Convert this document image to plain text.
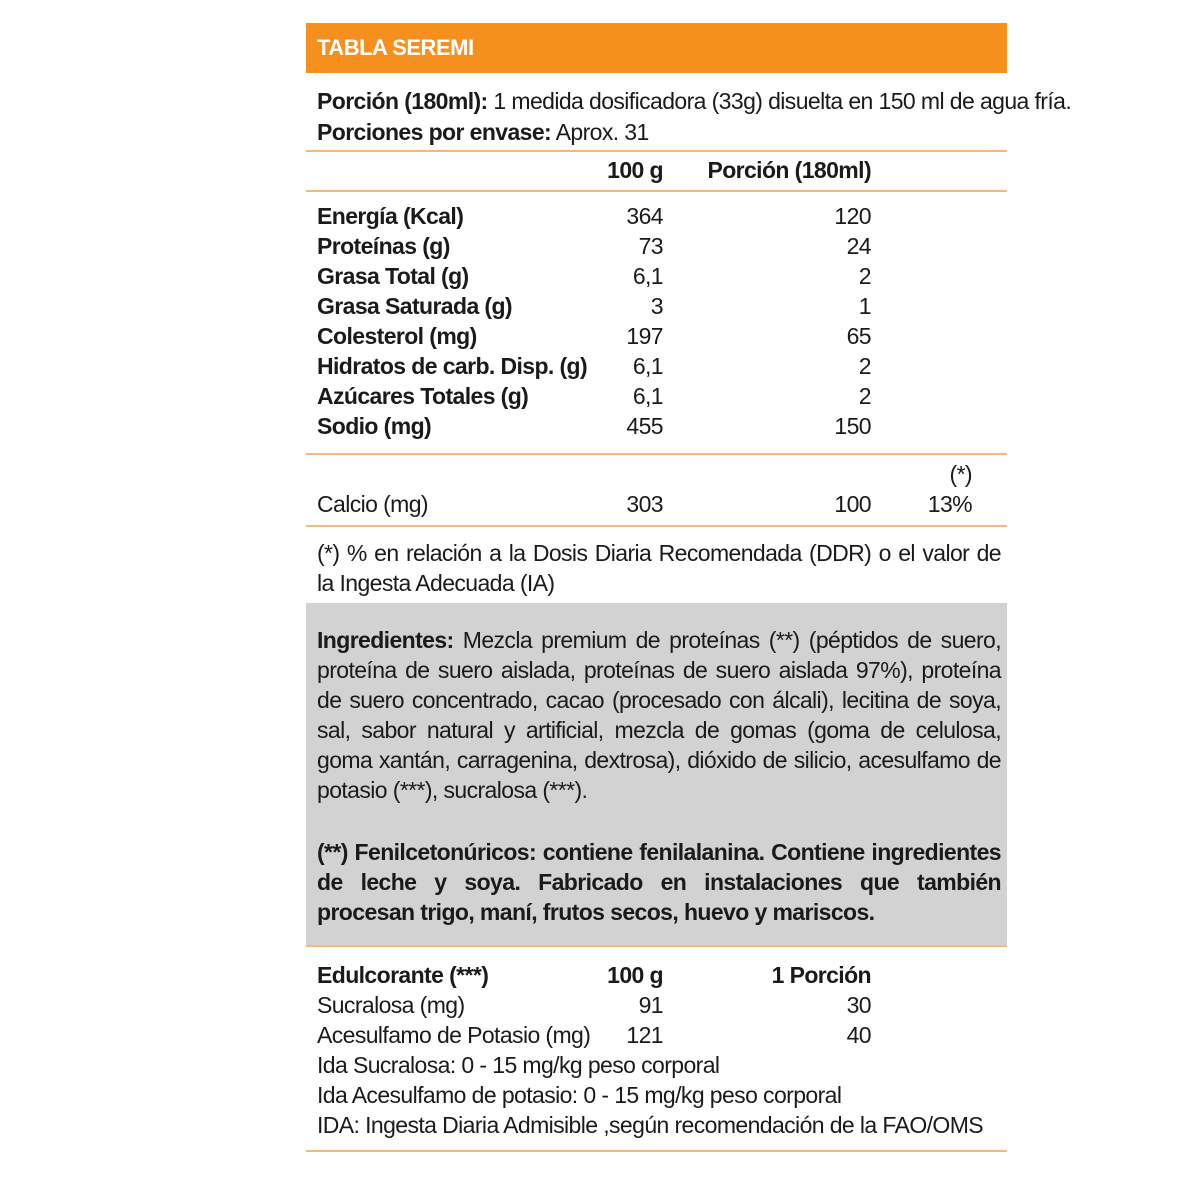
TABLA SEREMI
Porción (180ml): 1 medida dosificadora (33g) disuelta en 150 ml de agua fría.
Porciones por envase: Aprox. 31
100 g Porción (180ml)
Energía (Kcal)	364	120
Proteínas (g)	73	24
Grasa Total (g)	6,1	2
Grasa Saturada (g)	3	1
Colesterol (mg)	197	65
Hidratos de carb. Disp. (g) 6,1	2
Azúcares Totales (g)	6,1	2
Sodio (mg)	455	150
(*)
Calcio (mg)	303	100 13%
(*) % en relación a la Dosis Diaria Recomendada (DDR) o el valor de la Ingesta Adecuada (IA)
Ingredientes: Mezcla premium de proteínas (**) (péptidos de suero, proteína de suero aislada, proteínas de suero aislada 97%), proteína de suero concentrado, cacao (procesado con álcali), lecitina de soya, sal, sabor natural y artificial, mezcla de gomas (goma de celulosa, goma xantán, carragenina, dextrosa), dióxido de silicio, acesulfamo de potasio (***), sucralosa (***).
(**) Fenilcetonúricos: contiene fenilalanina. Contiene ingredientes de leche y soya. Fabricado en instalaciones que también procesan trigo, maní, frutos secos, huevo y mariscos.
Edulcorante (***)	100 g	1 Porción
Sucralosa (mg)	91	30
Acesulfamo de Potasio (mg) 121	40
Ida Sucralosa: 0 - 15 mg/kg peso corporal
Ida Acesulfamo de potasio: 0 - 15 mg/kg peso corporal
IDA: Ingesta Diaria Admisible ,según recomendación de la FAO/OMS
